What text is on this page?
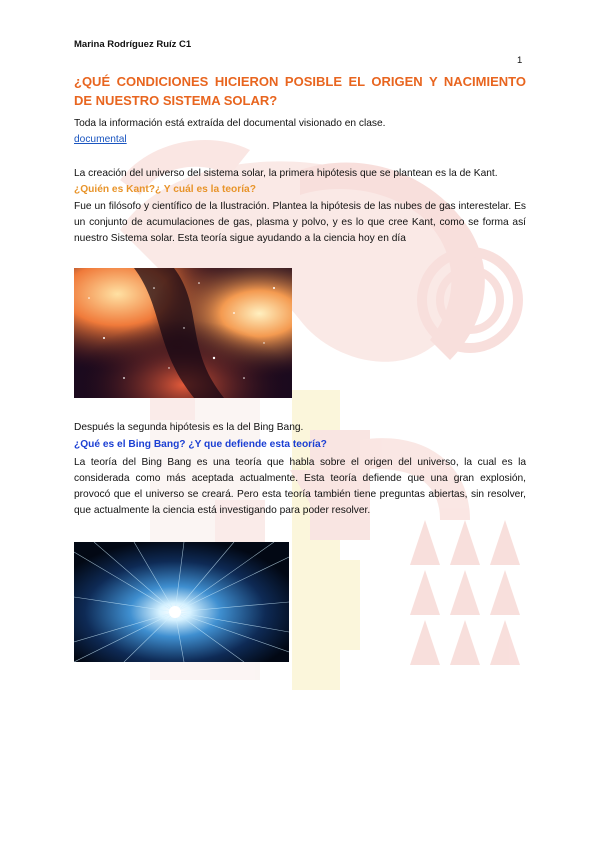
Marina Rodríguez Ruíz C1
1
¿QUÉ CONDICIONES HICIERON POSIBLE EL ORIGEN Y NACIMIENTO DE NUESTRO SISTEMA SOLAR?
Toda la información está extraída del documental visionado en clase.
documental
La creación del universo del sistema solar, la primera hipótesis que se plantean es la de Kant.
¿Quién es Kant?¿ Y cuál es la teoría?
Fue un filósofo y científico de la Ilustración. Plantea la hipótesis de las nubes de gas interestelar. Es un conjunto de acumulaciones de gas, plasma y polvo, y es lo que cree Kant, como se forma así nuestro Sistema solar. Esta teoría sigue ayudando a la ciencia hoy en día
Después la segunda hipótesis es la del Bing Bang.
¿Qué es el Bing Bang? ¿Y que defiende esta teoría?
La teoría del Bing Bang es una teoría que habla sobre el origen del universo, la cual es la considerada como más aceptada actualmente. Esta teoría defiende que una gran explosión, provocó que el universo se creará. Pero esta teoría también tiene preguntas abiertas, sin resolver, que actualmente la ciencia está investigando para poder resolver.
